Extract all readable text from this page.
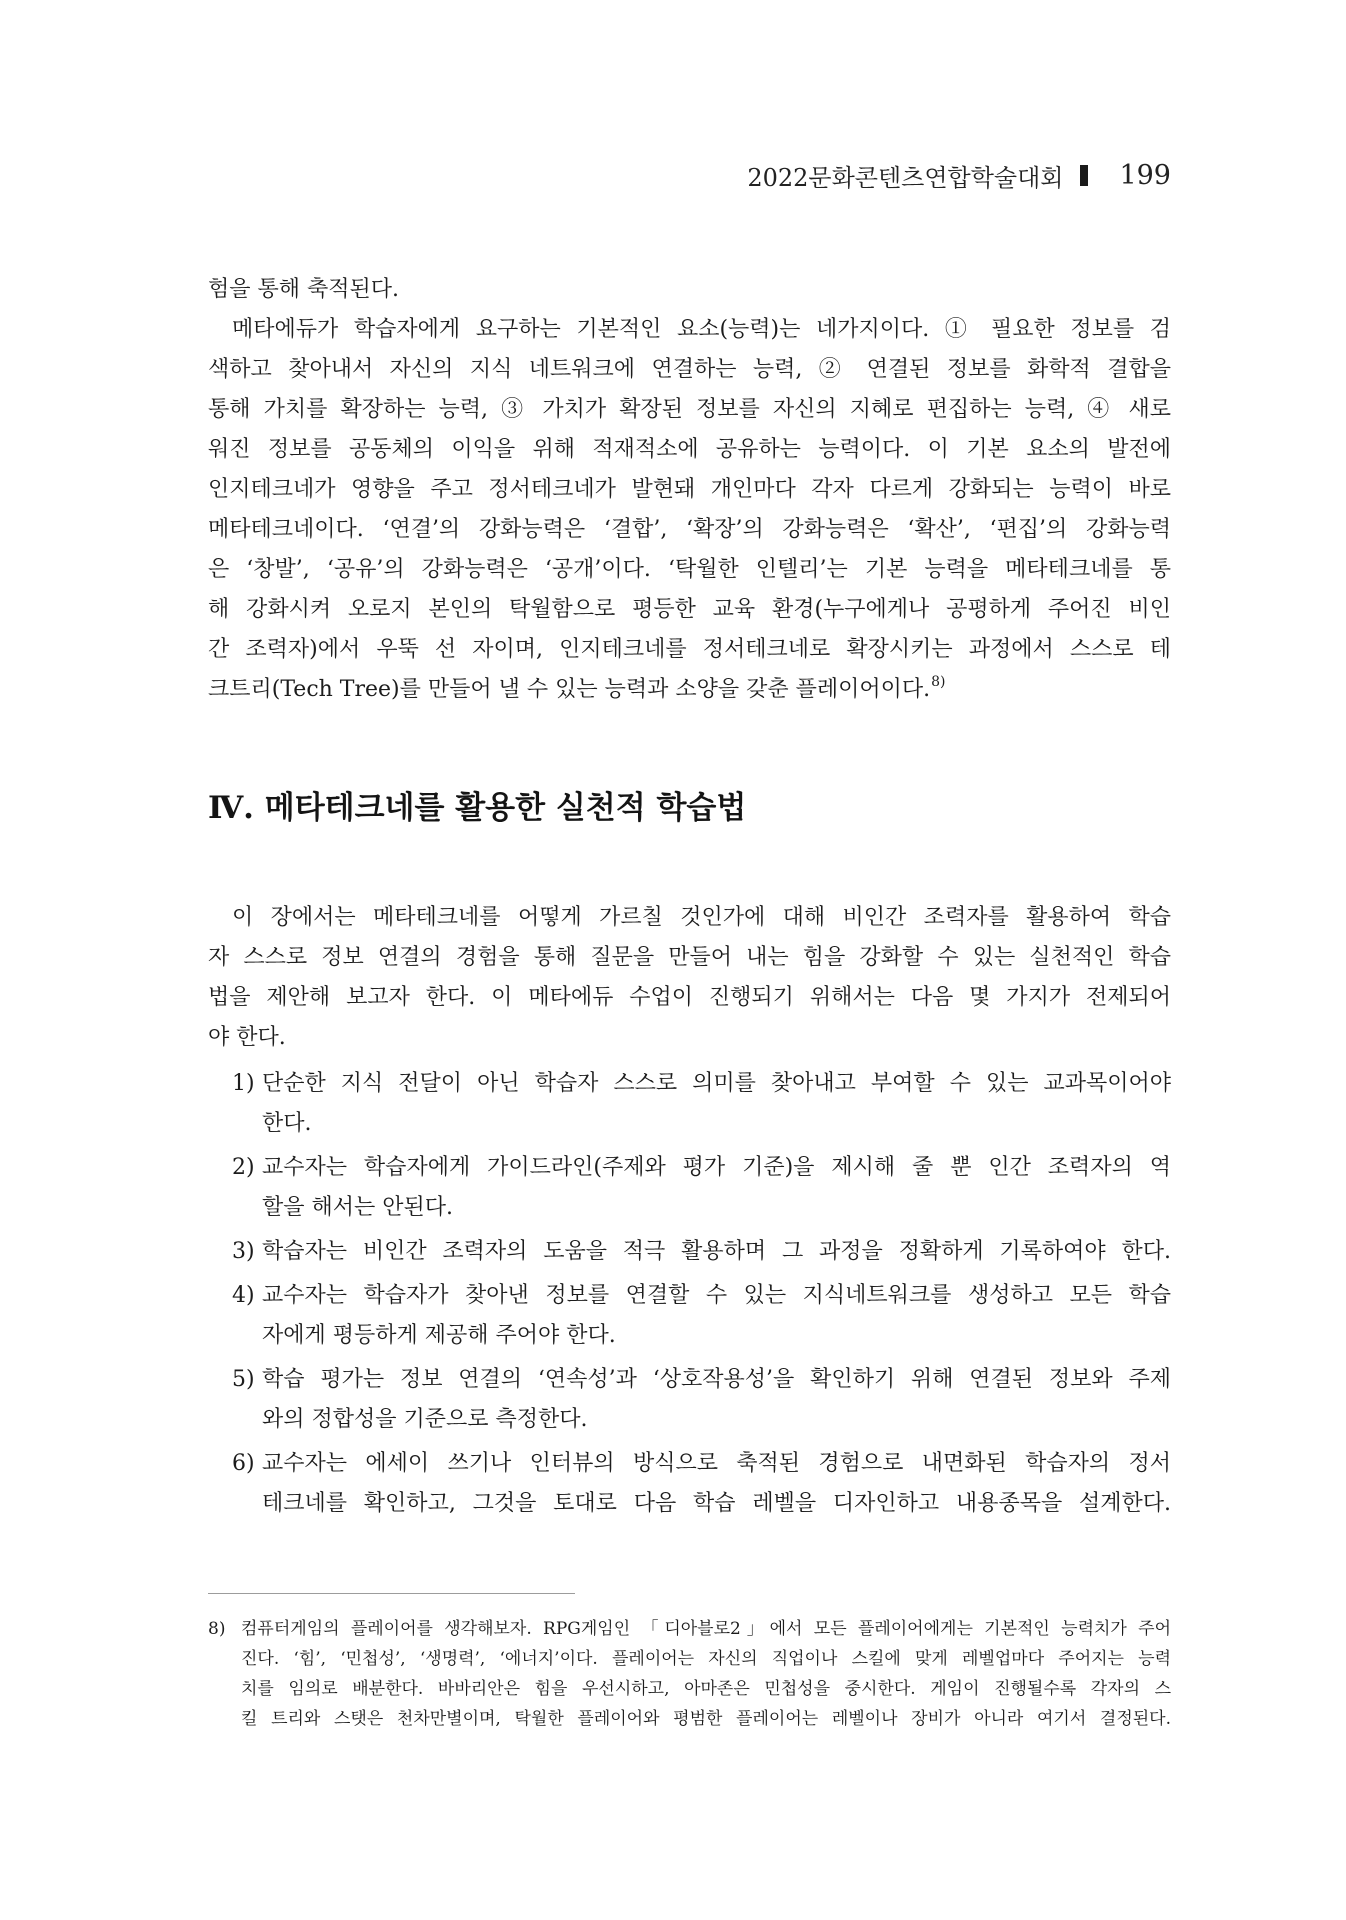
2022문화콘텐츠연합학술대회 199
험을 통해 축적된다.
메타에듀가 학습자에게 요구하는 기본적인 요소(능력)는 네가지이다. ① 필요한 정보를 검
색하고 찾아내서 자신의 지식 네트워크에 연결하는 능력, ② 연결된 정보를 화학적 결합을
통해 가치를 확장하는 능력, ③ 가치가 확장된 정보를 자신의 지혜로 편집하는 능력, ④ 새로
워진 정보를 공동체의 이익을 위해 적재적소에 공유하는 능력이다. 이 기본 요소의 발전에
인지테크네가 영향을 주고 정서테크네가 발현돼 개인마다 각자 다르게 강화되는 능력이 바로
메타테크네이다. ‘연결’의 강화능력은 ‘결합’, ‘확장’의 강화능력은 ‘확산’, ‘편집’의 강화능력
은 ‘창발’, ‘공유’의 강화능력은 ‘공개’이다. ‘탁월한 인텔리’는 기본 능력을 메타테크네를 통
해 강화시켜 오로지 본인의 탁월함으로 평등한 교육 환경(누구에게나 공평하게 주어진 비인
간 조력자)에서 우뚝 선 자이며, 인지테크네를 정서테크네로 확장시키는 과정에서 스스로 테
크트리(Tech Tree)를 만들어 낼 수 있는 능력과 소양을 갖춘 플레이어이다.$^{8)}$
Ⅳ. 메타테크네를 활용한 실천적 학습법
이 장에서는 메타테크네를 어떻게 가르칠 것인가에 대해 비인간 조력자를 활용하여 학습
자 스스로 정보 연결의 경험을 통해 질문을 만들어 내는 힘을 강화할 수 있는 실천적인 학습
법을 제안해 보고자 한다. 이 메타에듀 수업이 진행되기 위해서는 다음 몇 가지가 전제되어
야 한다.
1) 단순한 지식 전달이 아닌 학습자 스스로 의미를 찾아내고 부여할 수 있는 교과목이어야
한다.
2) 교수자는 학습자에게 가이드라인(주제와 평가 기준)을 제시해 줄 뿐 인간 조력자의 역
할을 해서는 안된다.
3) 학습자는 비인간 조력자의 도움을 적극 활용하며 그 과정을 정확하게 기록하여야 한다.
4) 교수자는 학습자가 찾아낸 정보를 연결할 수 있는 지식네트워크를 생성하고 모든 학습
자에게 평등하게 제공해 주어야 한다.
5) 학습 평가는 정보 연결의 ‘연속성’과 ‘상호작용성’을 확인하기 위해 연결된 정보와 주제
와의 정합성을 기준으로 측정한다.
6) 교수자는 에세이 쓰기나 인터뷰의 방식으로 축적된 경험으로 내면화된 학습자의 정서
테크네를 확인하고, 그것을 토대로 다음 학습 레벨을 디자인하고 내용종목을 설계한다.
8) 컴퓨터게임의 플레이어를 생각해보자. RPG게임인 「디아블로2」에서 모든 플레이어에게는 기본적인 능력치가 주어
진다. ‘힘’, ‘민첩성’, ‘생명력’, ‘에너지’이다. 플레이어는 자신의 직업이나 스킬에 맞게 레벨업마다 주어지는 능력
치를 임의로 배분한다. 바바리안은 힘을 우선시하고, 아마존은 민첩성을 중시한다. 게임이 진행될수록 각자의 스
킬 트리와 스탯은 천차만별이며, 탁월한 플레이어와 평범한 플레이어는 레벨이나 장비가 아니라 여기서 결정된다.
